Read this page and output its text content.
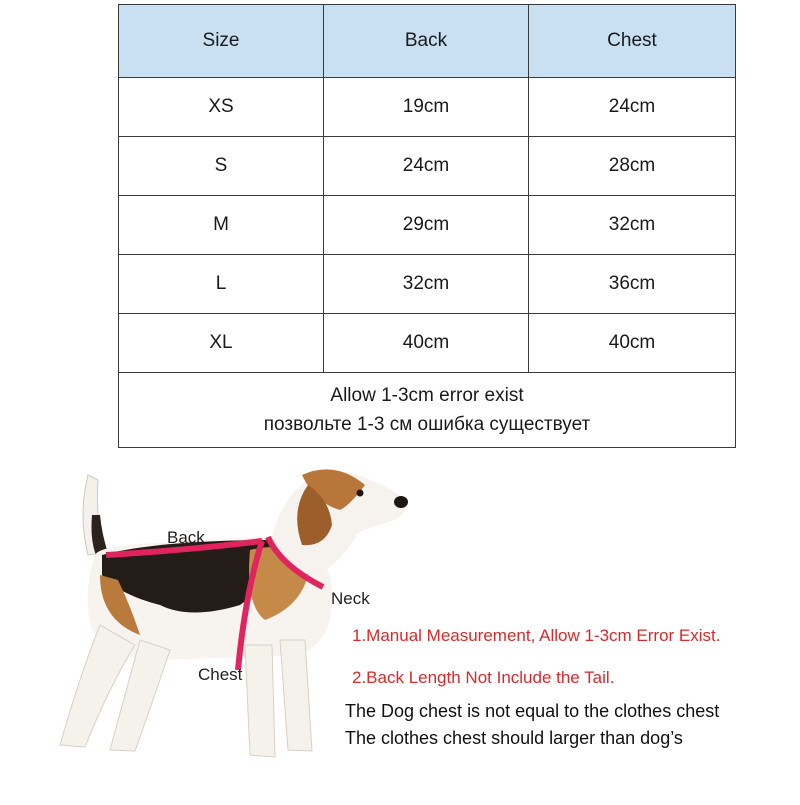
Size	Back	Chest
XS	19cm	24cm
S	24cm	28cm
M	29cm	32cm
L	32cm	36cm
XL	40cm	40cm

Allow 1-3cm error exist
позвольте 1-3 см ошибка существует		
Back
Neck
Chest
1.Manual Measurement, Allow 1-3cm Error Exist.
2.Back Length Not Include the Tail.
The Dog chest is not equal to the clothes chest
The clothes chest should larger than dog’s
